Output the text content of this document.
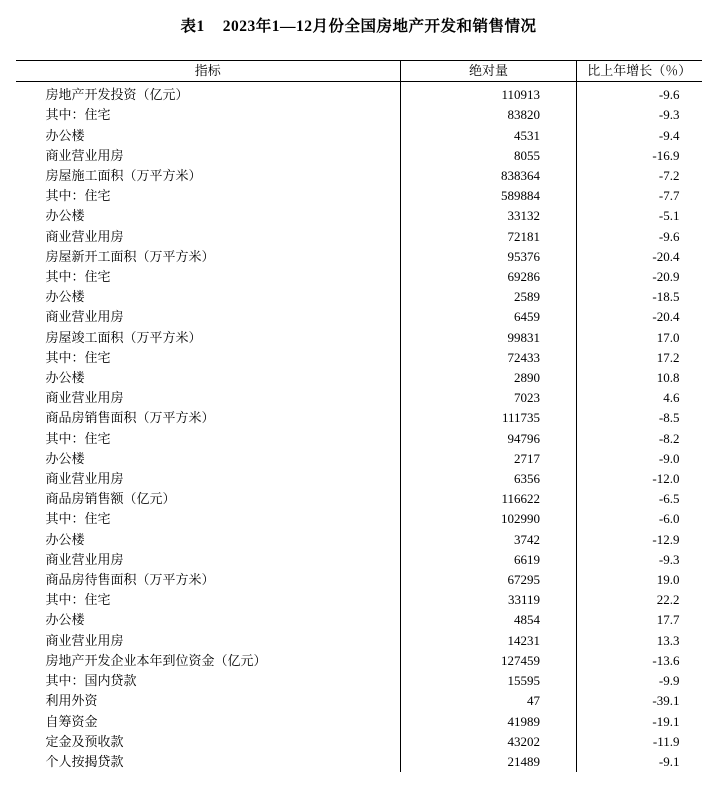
表1 2023年1—12月份全国房地产开发和销售情况
指标	绝对量	比上年增长（％）
房地产开发投资（亿元）	110913	-9.6
其中：住宅	83820	-9.3
办公楼	4531	-9.4
商业营业用房	8055	-16.9
房屋施工面积（万平方米）	838364	-7.2
其中：住宅	589884	-7.7
办公楼	33132	-5.1
商业营业用房	72181	-9.6
房屋新开工面积（万平方米）	95376	-20.4
其中：住宅	69286	-20.9
办公楼	2589	-18.5
商业营业用房	6459	-20.4
房屋竣工面积（万平方米）	99831	17.0
其中：住宅	72433	17.2
办公楼	2890	10.8
商业营业用房	7023	4.6
商品房销售面积（万平方米）	111735	-8.5
其中：住宅	94796	-8.2
办公楼	2717	-9.0
商业营业用房	6356	-12.0
商品房销售额（亿元）	116622	-6.5
其中：住宅	102990	-6.0
办公楼	3742	-12.9
商业营业用房	6619	-9.3
商品房待售面积（万平方米）	67295	19.0
其中：住宅	33119	22.2
办公楼	4854	17.7
商业营业用房	14231	13.3
房地产开发企业本年到位资金（亿元）	127459	-13.6
其中：国内贷款	15595	-9.9
利用外资	47	-39.1
自筹资金	41989	-19.1
定金及预收款	43202	-11.9
个人按揭贷款	21489	-9.1
